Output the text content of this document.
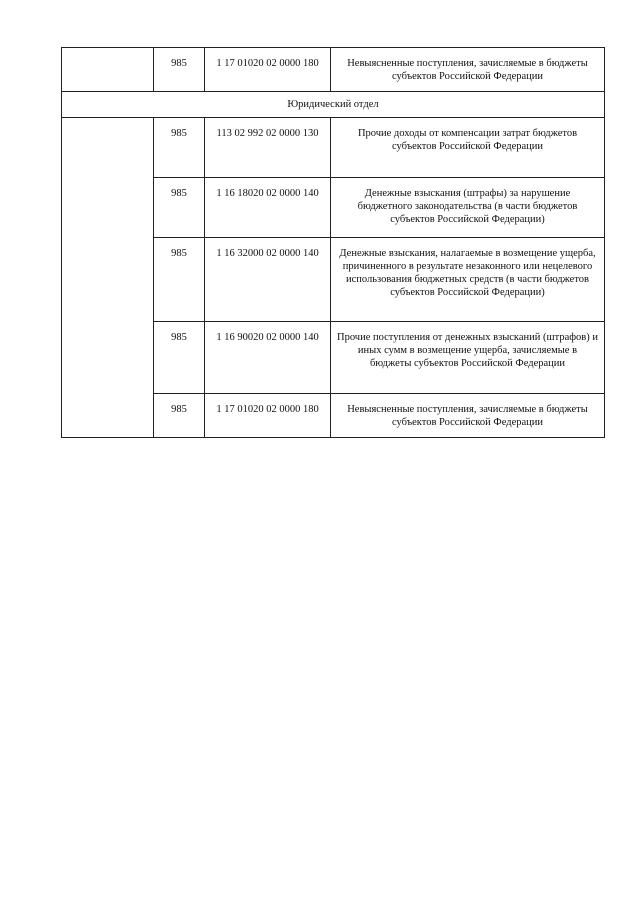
	985	1 17 01020 02 0000 180	Невыясненные поступления, зачисляемые в бюджеты субъектов Российской Федерации
Юридический отдел			
	985	113 02 992 02 0000 130	Прочие доходы от компенсации затрат бюджетов субъектов Российской Федерации
	985	1 16 18020 02 0000 140	Денежные взыскания (штрафы) за нарушение бюджетного законодательства (в части бюджетов субъектов Российской Федерации)
	985	1 16 32000 02 0000 140	Денежные взыскания, налагаемые в возмещение ущерба, причиненного в результате незаконного или нецелевого использования бюджетных средств (в части бюджетов субъектов Российской Федерации)
	985	1 16 90020 02 0000 140	Прочие поступления от денежных взысканий (штрафов) и иных сумм в возмещение ущерба, зачисляемые в бюджеты субъектов Российской Федерации
	985	1 17 01020 02 0000 180	Невыясненные поступления, зачисляемые в бюджеты субъектов Российской Федерации
